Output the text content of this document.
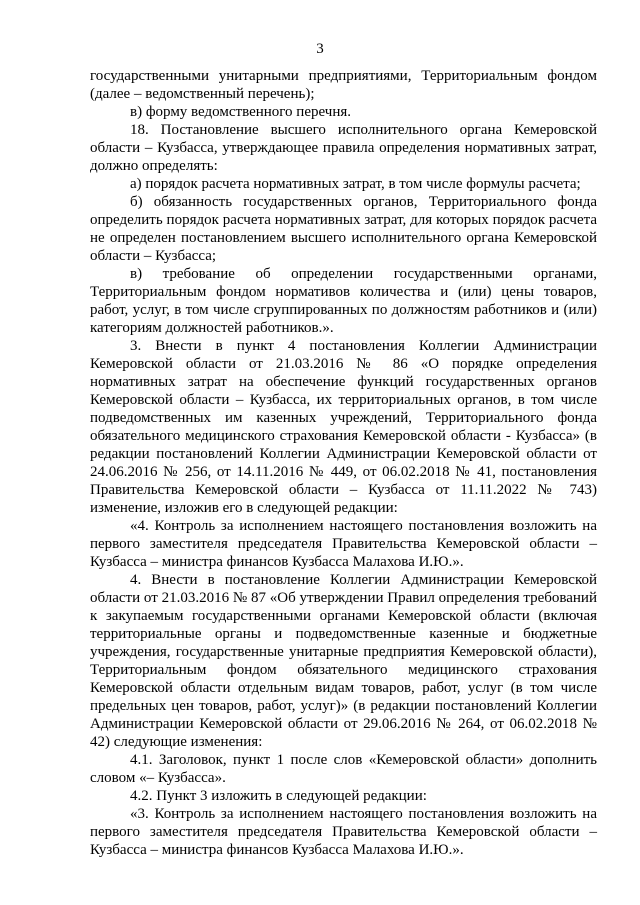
3

государственными унитарными предприятиями, Территориальным фондом (далее – ведомственный перечень);

в) форму ведомственного перечня.

18. Постановление высшего исполнительного органа Кемеровской области – Кузбасса, утверждающее правила определения нормативных затрат, должно определять:

а) порядок расчета нормативных затрат, в том числе формулы расчета;

б) обязанность государственных органов, Территориального фонда определить порядок расчета нормативных затрат, для которых порядок расчета не определен постановлением высшего исполнительного органа Кемеровской области – Кузбасса;

в) требование об определении государственными органами, Территориальным фондом нормативов количества и (или) цены товаров, работ, услуг, в том числе сгруппированных по должностям работников и (или) категориям должностей работников.».

3. Внести в пункт 4 постановления Коллегии Администрации Кемеровской области от 21.03.2016 № 86 «О порядке определения нормативных затрат на обеспечение функций государственных органов Кемеровской области – Кузбасса, их территориальных органов, в том числе подведомственных им казенных учреждений, Территориального фонда обязательного медицинского страхования Кемеровской области - Кузбасса» (в редакции постановлений Коллегии Администрации Кемеровской области от 24.06.2016 № 256, от 14.11.2016 № 449, от 06.02.2018 № 41, постановления Правительства Кемеровской области – Кузбасса от 11.11.2022 № 743) изменение, изложив его в следующей редакции:

«4. Контроль за исполнением настоящего постановления возложить на первого заместителя председателя Правительства Кемеровской области – Кузбасса – министра финансов Кузбасса Малахова И.Ю.».

4. Внести в постановление Коллегии Администрации Кемеровской области от 21.03.2016 № 87 «Об утверждении Правил определения требований к закупаемым государственными органами Кемеровской области (включая территориальные органы и подведомственные казенные и бюджетные учреждения, государственные унитарные предприятия Кемеровской области), Территориальным фондом обязательного медицинского страхования Кемеровской области отдельным видам товаров, работ, услуг (в том числе предельных цен товаров, работ, услуг)» (в редакции постановлений Коллегии Администрации Кемеровской области от 29.06.2016 № 264, от 06.02.2018 № 42) следующие изменения:

4.1. Заголовок, пункт 1 после слов «Кемеровской области» дополнить словом «– Кузбасса».

4.2. Пункт 3 изложить в следующей редакции:

«3. Контроль за исполнением настоящего постановления возложить на первого заместителя председателя Правительства Кемеровской области – Кузбасса – министра финансов Кузбасса Малахова И.Ю.».
